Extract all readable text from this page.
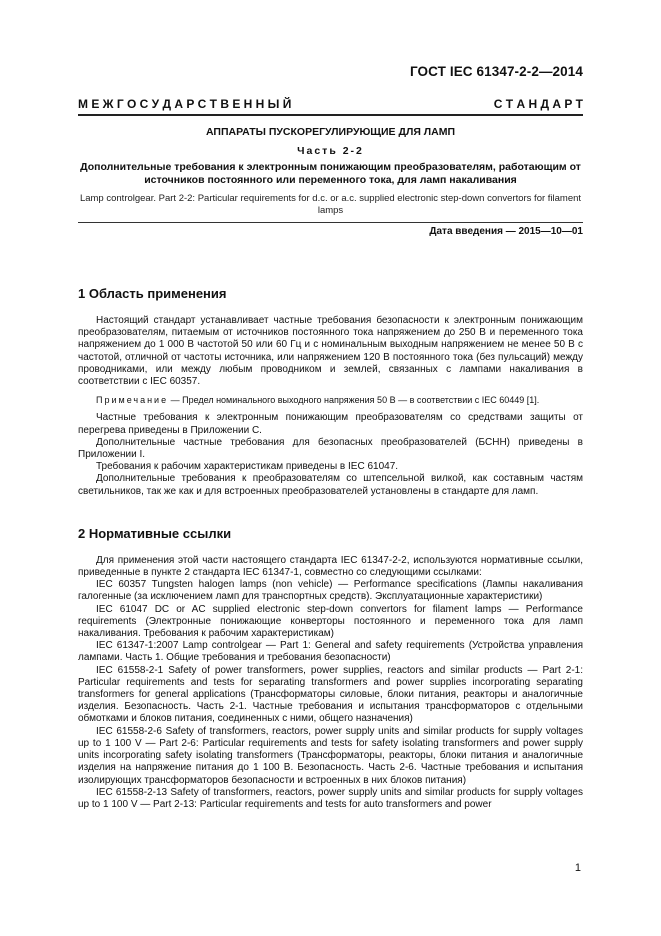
ГОСТ IEC 61347-2-2—2014
М Е Ж Г О С У Д А Р С Т В Е Н Н Ы Й	С Т А Н Д А Р Т
АППАРАТЫ ПУСКОРЕГУЛИРУЮЩИЕ ДЛЯ ЛАМП
Часть 2-2
Дополнительные требования к электронным понижающим преобразователям, работающим от источников постоянного или переменного тока, для ламп накаливания
Lamp controlgear. Part 2-2: Particular requirements for d.c. or a.c. supplied electronic step-down convertors for filament lamps
Дата введения — 2015—10—01
1 Область применения

Настоящий стандарт устанавливает частные требования безопасности к электронным понижающим преобразователям, питаемым от источников постоянного тока напряжением до 250 В и переменного тока напряжением до 1 000 В частотой 50 или 60 Гц и с номинальным выходным напряжением не менее 50 В с частотой, отличной от частоты источника, или напряжением 120 В постоянного тока (без пульсаций) между проводниками, или между любым проводником и землей, связанных с лампами накаливания в соответствии с IEC 60357.

Примечание — Предел номинального выходного напряжения 50 В — в соответствии с IEC 60449 [1].

Частные требования к электронным понижающим преобразователям со средствами защиты от перегрева приведены в Приложении С.

Дополнительные частные требования для безопасных преобразователей (БСНН) приведены в Приложении I.

Требования к рабочим характеристикам приведены в IEC 61047.

Дополнительные требования к преобразователям со штепсельной вилкой, как составным частям светильников, так же как и для встроенных преобразователей установлены в стандарте для ламп.

2 Нормативные ссылки

Для применения этой части настоящего стандарта IEC 61347-2-2, используются нормативные ссылки, приведенные в пункте 2 стандарта IEC 61347-1, совместно со следующими ссылками:

IEC 60357 Tungsten halogen lamps (non vehicle) — Performance specifications (Лампы накаливания галогенные (за исключением ламп для транспортных средств). Эксплуатационные характеристики)

IEC 61047 DC or AC supplied electronic step-down convertors for filament lamps — Performance requirements (Электронные понижающие конверторы постоянного и переменного тока для ламп накаливания. Требования к рабочим характеристикам)

IEC 61347-1:2007 Lamp controlgear — Part 1: General and safety requirements (Устройства управления лампами. Часть 1. Общие требования и требования безопасности)

IEC 61558-2-1 Safety of power transformers, power supplies, reactors and similar products — Part 2-1: Particular requirements and tests for separating transformers and power supplies incorporating separating transformers for general applications (Трансформаторы силовые, блоки питания, реакторы и аналогичные изделия. Безопасность. Часть 2-1. Частные требования и испытания трансформаторов с отдельными обмотками и блоков питания, соединенных с ними, общего назначения)

IEC 61558-2-6 Safety of transformers, reactors, power supply units and similar products for supply voltages up to 1 100 V — Part 2-6: Particular requirements and tests for safety isolating transformers and power supply units incorporating safety isolating transformers (Трансформаторы, реакторы, блоки питания и аналогичные изделия на напряжение питания до 1 100 В. Безопасность. Часть 2-6. Частные требования и испытания изолирующих трансформаторов безопасности и встроенных в них блоков питания)

IEC 61558-2-13 Safety of transformers, reactors, power supply units and similar products for supply voltages up to 1 100 V — Part 2-13: Particular requirements and tests for auto transformers and power

1
